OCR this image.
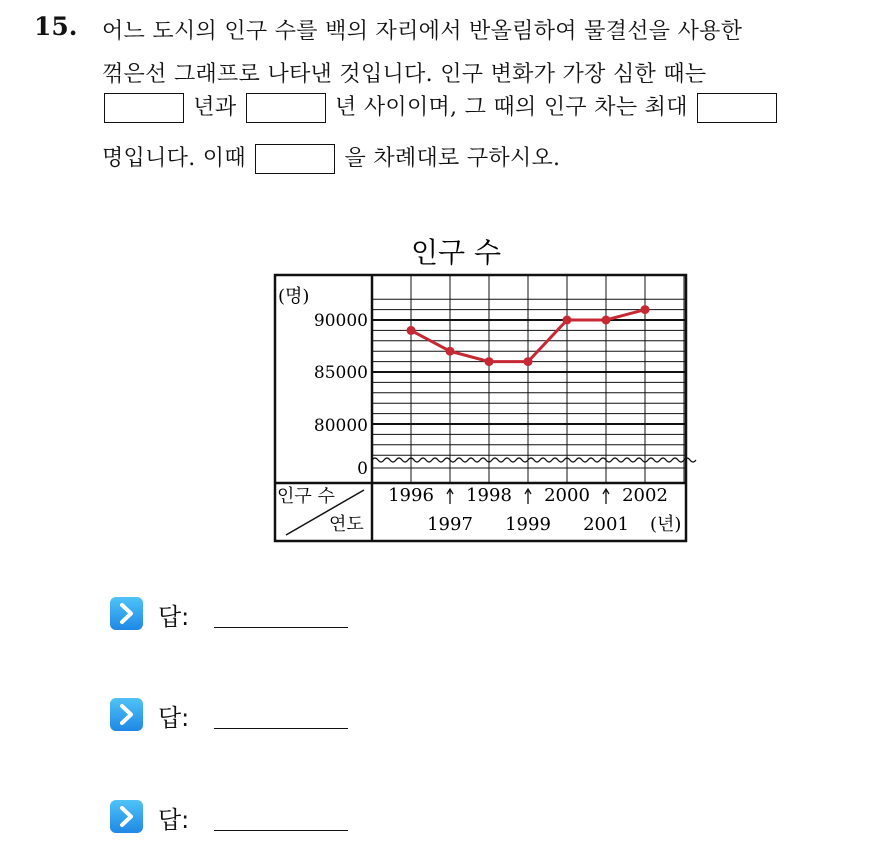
15. 어느 도시의 인구 수를 백의 자리에서 반올림하여 물결선을 사용한
꺾은선 그래프로 나타낸 것입니다. 인구 변화가 가장 심한 때는
년과	년 사이이며, 그 때의 인구 차는 최대
명입니다. 이때	을 차례대로 구하시오.
인구 수
(명)
90000
85000
80000
0
인구 수
연도
1996
1997
1998
1999
2000
2001
2002
(년)
답:
답:
답:
